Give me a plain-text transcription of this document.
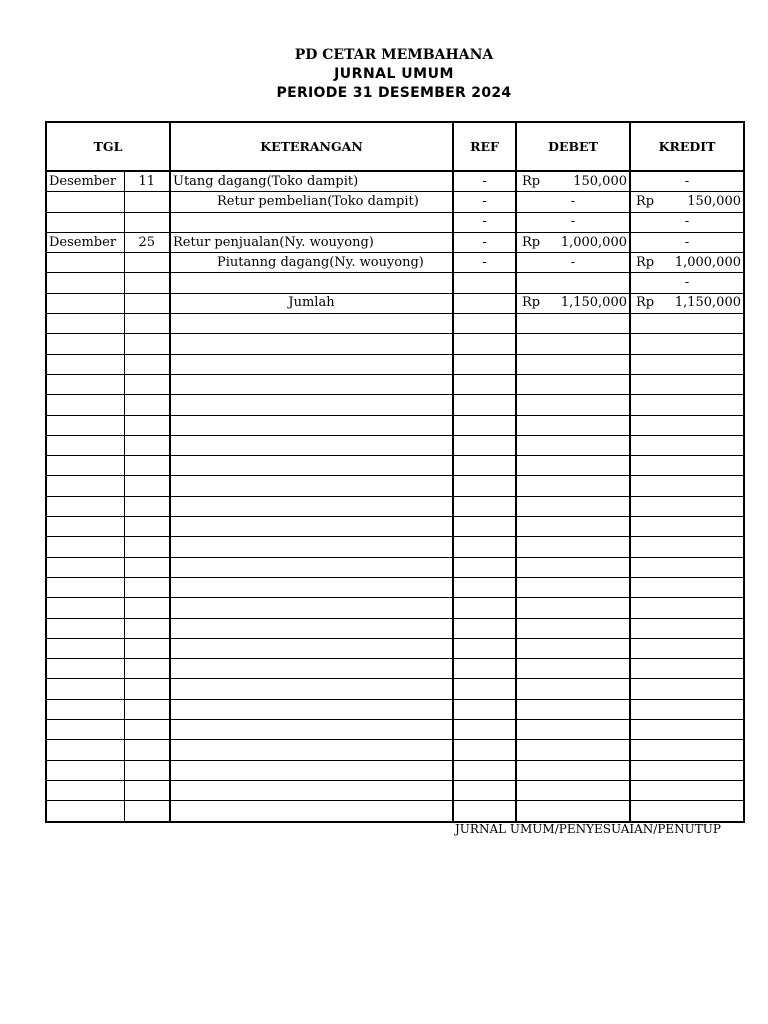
PD CETAR MEMBAHANA
JURNAL UMUM
PERIODE 31 DESEMBER 2024
TGL		KETERANGAN	REF	DEBET	KREDIT
Desember	11	Utang dagang(Toko dampit)	-	Rp 150,000	-

		Retur pembelian(Toko dampit)	-	-	Rp 150,000

			-	-	-

Desember	25	Retur penjualan(Ny. wouyong)	-	Rp 1,000,000	-

		Piutanng dagang(Ny. wouyong)	-	-	Rp 1,000,000

					-

		Jumlah		Rp 1,150,000	Rp 1,150,000

JURNAL UMUM/PENYESUAIAN/PENUTUP
